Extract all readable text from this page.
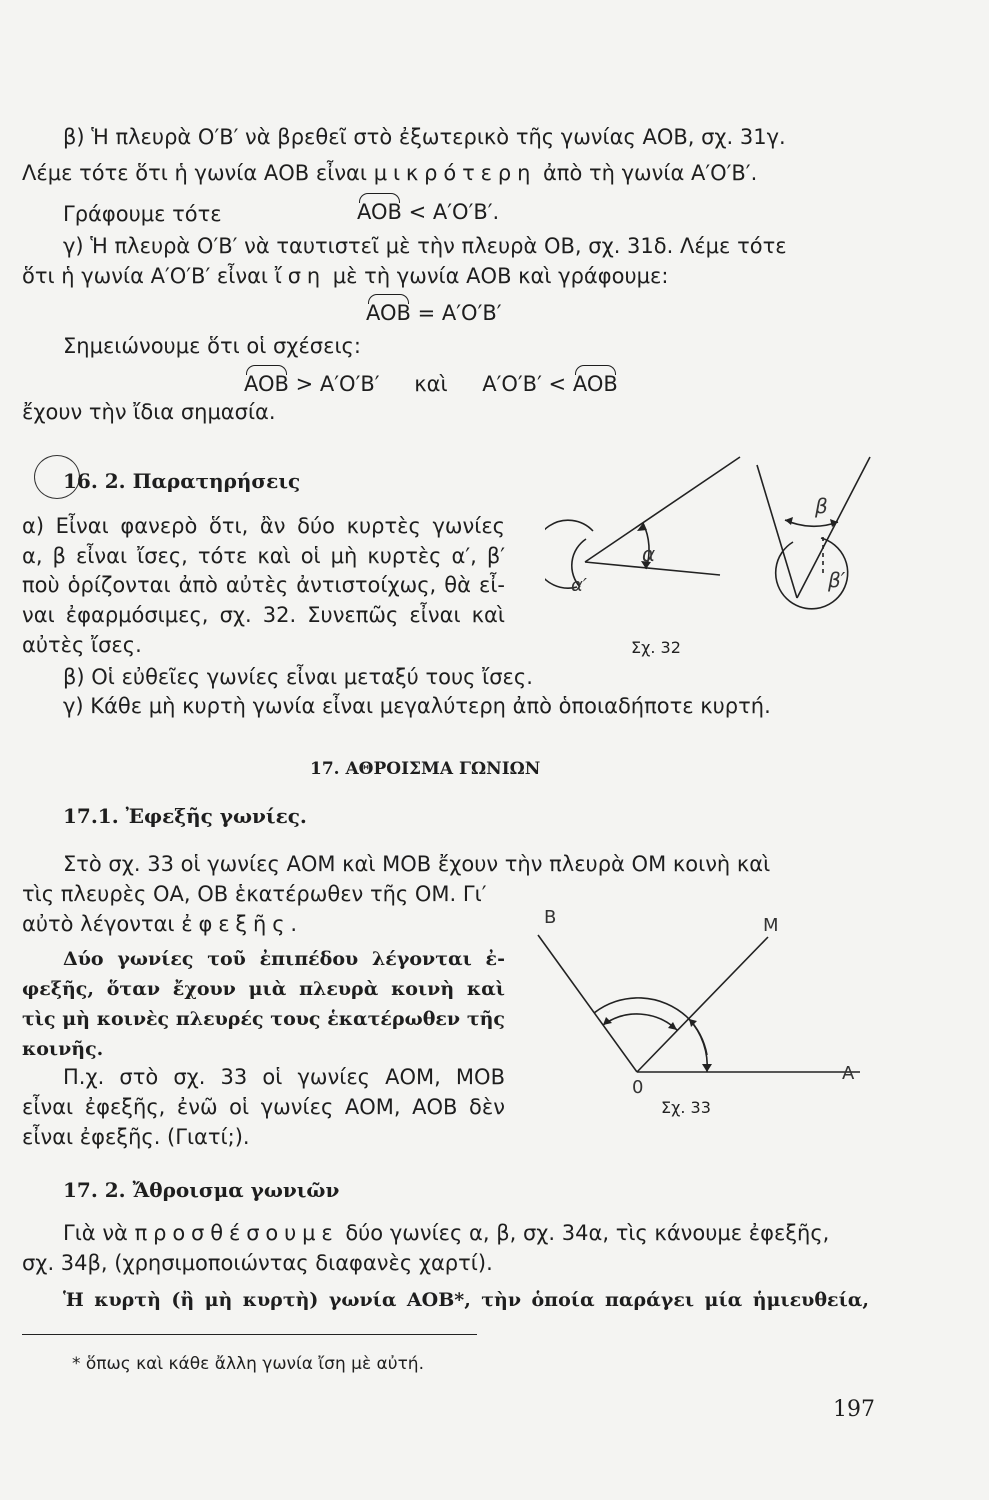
β) Ἡ πλευρὰ Ο′Β′ νὰ βρεθεῖ στὸ ἐξωτερικὸ τῆς γωνίας ΑΟΒ, σχ. 31γ.
Λέμε τότε ὅτι ἡ γωνία ΑΟΒ εἶναι μικρότερη ἀπὸ τὴ γωνία Α′Ο′Β′.
Γράφουμε τότε	AOB < A′O′B′.
γ) Ἡ πλευρὰ Ο′Β′ νὰ ταυτιστεῖ μὲ τὴν πλευρὰ ΟΒ, σχ. 31δ. Λέμε τότε
ὅτι ἡ γωνία Α′Ο′Β′ εἶναι ἴση μὲ τὴ γωνία ΑΟΒ καὶ γράφουμε:
AOB = A′O′B′
Σημειώνουμε ὅτι οἱ σχέσεις:
AOB > A′O′B′ καὶ A′O′B′ < AOB
ἔχουν τὴν ἴδια σημασία.
16. 2. Παρατηρήσεις
α) Εἶναι φανερὸ ὅτι, ἂν δύο κυρτὲς γωνίες
α, β εἶναι ἴσες, τότε καὶ οἱ μὴ κυρτὲς α′, β′
ποὺ ὁρίζονται ἀπὸ αὐτὲς ἀντιστοίχως, θὰ εἶ-
ναι ἐφαρμόσιμες, σχ. 32. Συνεπῶς εἶναι καὶ
αὐτὲς ἴσες.
α
α′
β
β′
Σχ. 32
β) Οἱ εὐθεῖες γωνίες εἶναι μεταξύ τους ἴσες.
γ) Κάθε μὴ κυρτὴ γωνία εἶναι μεγαλύτερη ἀπὸ ὁποιαδήποτε κυρτή.
17. ΑΘΡΟΙΣΜΑ ΓΩΝΙΩΝ
17.1. Ἐφεξῆς γωνίες.
Στὸ σχ. 33 οἱ γωνίες ΑΟΜ καὶ ΜΟΒ ἔχουν τὴν πλευρὰ ΟΜ κοινὴ καὶ
τὶς πλευρὲς ΟΑ, ΟΒ ἑκατέρωθεν τῆς ΟΜ. Γι′
αὐτὸ λέγονται ἐφεξῆς.
Δύο γωνίες τοῦ ἐπιπέδου λέγονται ἐ-
φεξῆς, ὅταν ἔχουν μιὰ πλευρὰ κοινὴ καὶ
τὶς μὴ κοινὲς πλευρές τους ἑκατέρωθεν τῆς
κοινῆς.
Π.χ. στὸ σχ. 33 οἱ γωνίες ΑΟΜ, ΜΟΒ
εἶναι ἐφεξῆς, ἐνῶ οἱ γωνίες ΑΟΜ, ΑΟΒ δὲν
εἶναι ἐφεξῆς. (Γιατί;).
Β	Μ
0
Α
Σχ. 33
17. 2. Ἄθροισμα γωνιῶν
Γιὰ νὰ προσθέσουμε δύο γωνίες α, β, σχ. 34α, τὶς κάνουμε ἐφεξῆς,
σχ. 34β, (χρησιμοποιώντας διαφανὲς χαρτί).
Ἡ κυρτὴ (ἢ μὴ κυρτὴ) γωνία ΑΟΒ*, τὴν ὁποία παράγει μία ἡμιευθεία,
* ὅπως καὶ κάθε ἄλλη γωνία ἴση μὲ αὐτή.
197
